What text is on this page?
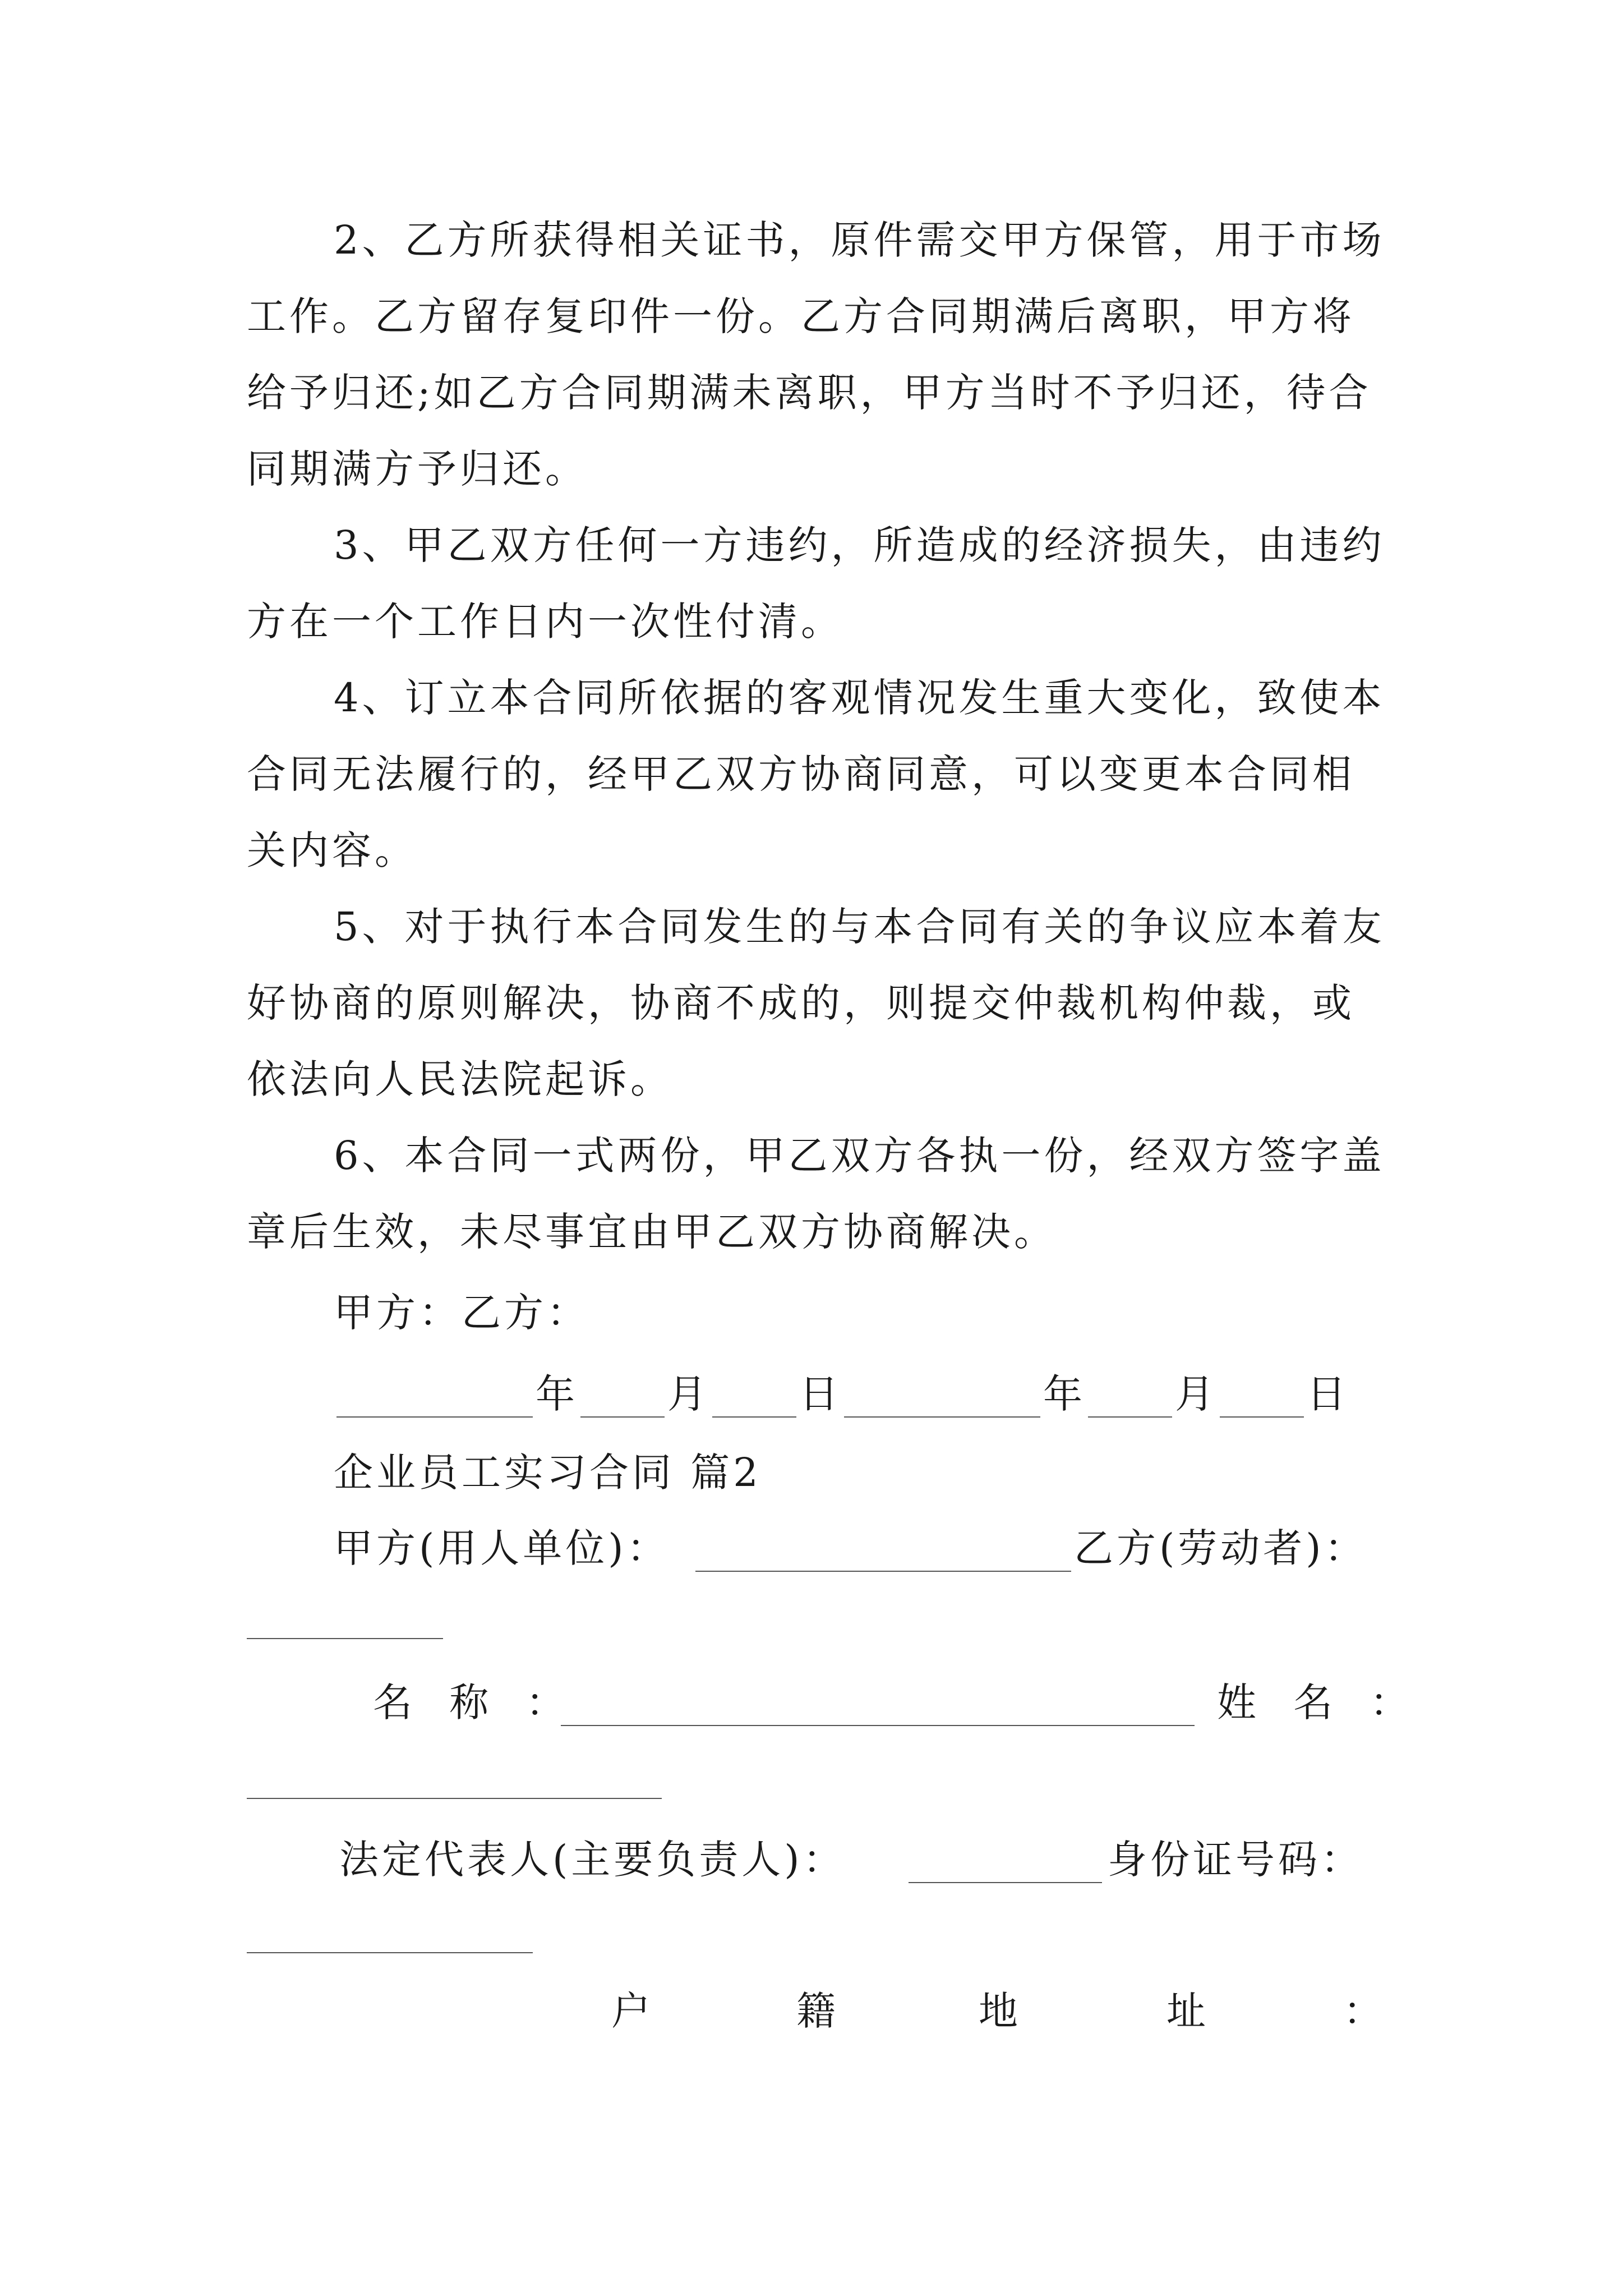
2、乙方所获得相关证书，原件需交甲方保管，用于市场工作。乙方留存复印件一份。乙方合同期满后离职，甲方将给予归还;如乙方合同期满未离职，甲方当时不予归还，待合同期满方予归还。

3、甲乙双方任何一方违约，所造成的经济损失，由违约方在一个工作日内一次性付清。

4、订立本合同所依据的客观情况发生重大变化，致使本合同无法履行的，经甲乙双方协商同意，可以变更本合同相关内容。

5、对于执行本合同发生的与本合同有关的争议应本着友好协商的原则解决，协商不成的，则提交仲裁机构仲裁，或依法向人民法院起诉。

6、本合同一式两份，甲乙双方各执一份，经双方签字盖章后生效，未尽事宜由甲乙双方协商解决。

甲方：乙方：
年 月 日	年 月 日
企业员工实习合同 篇2
甲方(用人单位)：	乙方(劳动者)：
名 称 ：	姓 名 ：
法定代表人(主要负责人)：	身份证号码：
户	籍	地	址	：
